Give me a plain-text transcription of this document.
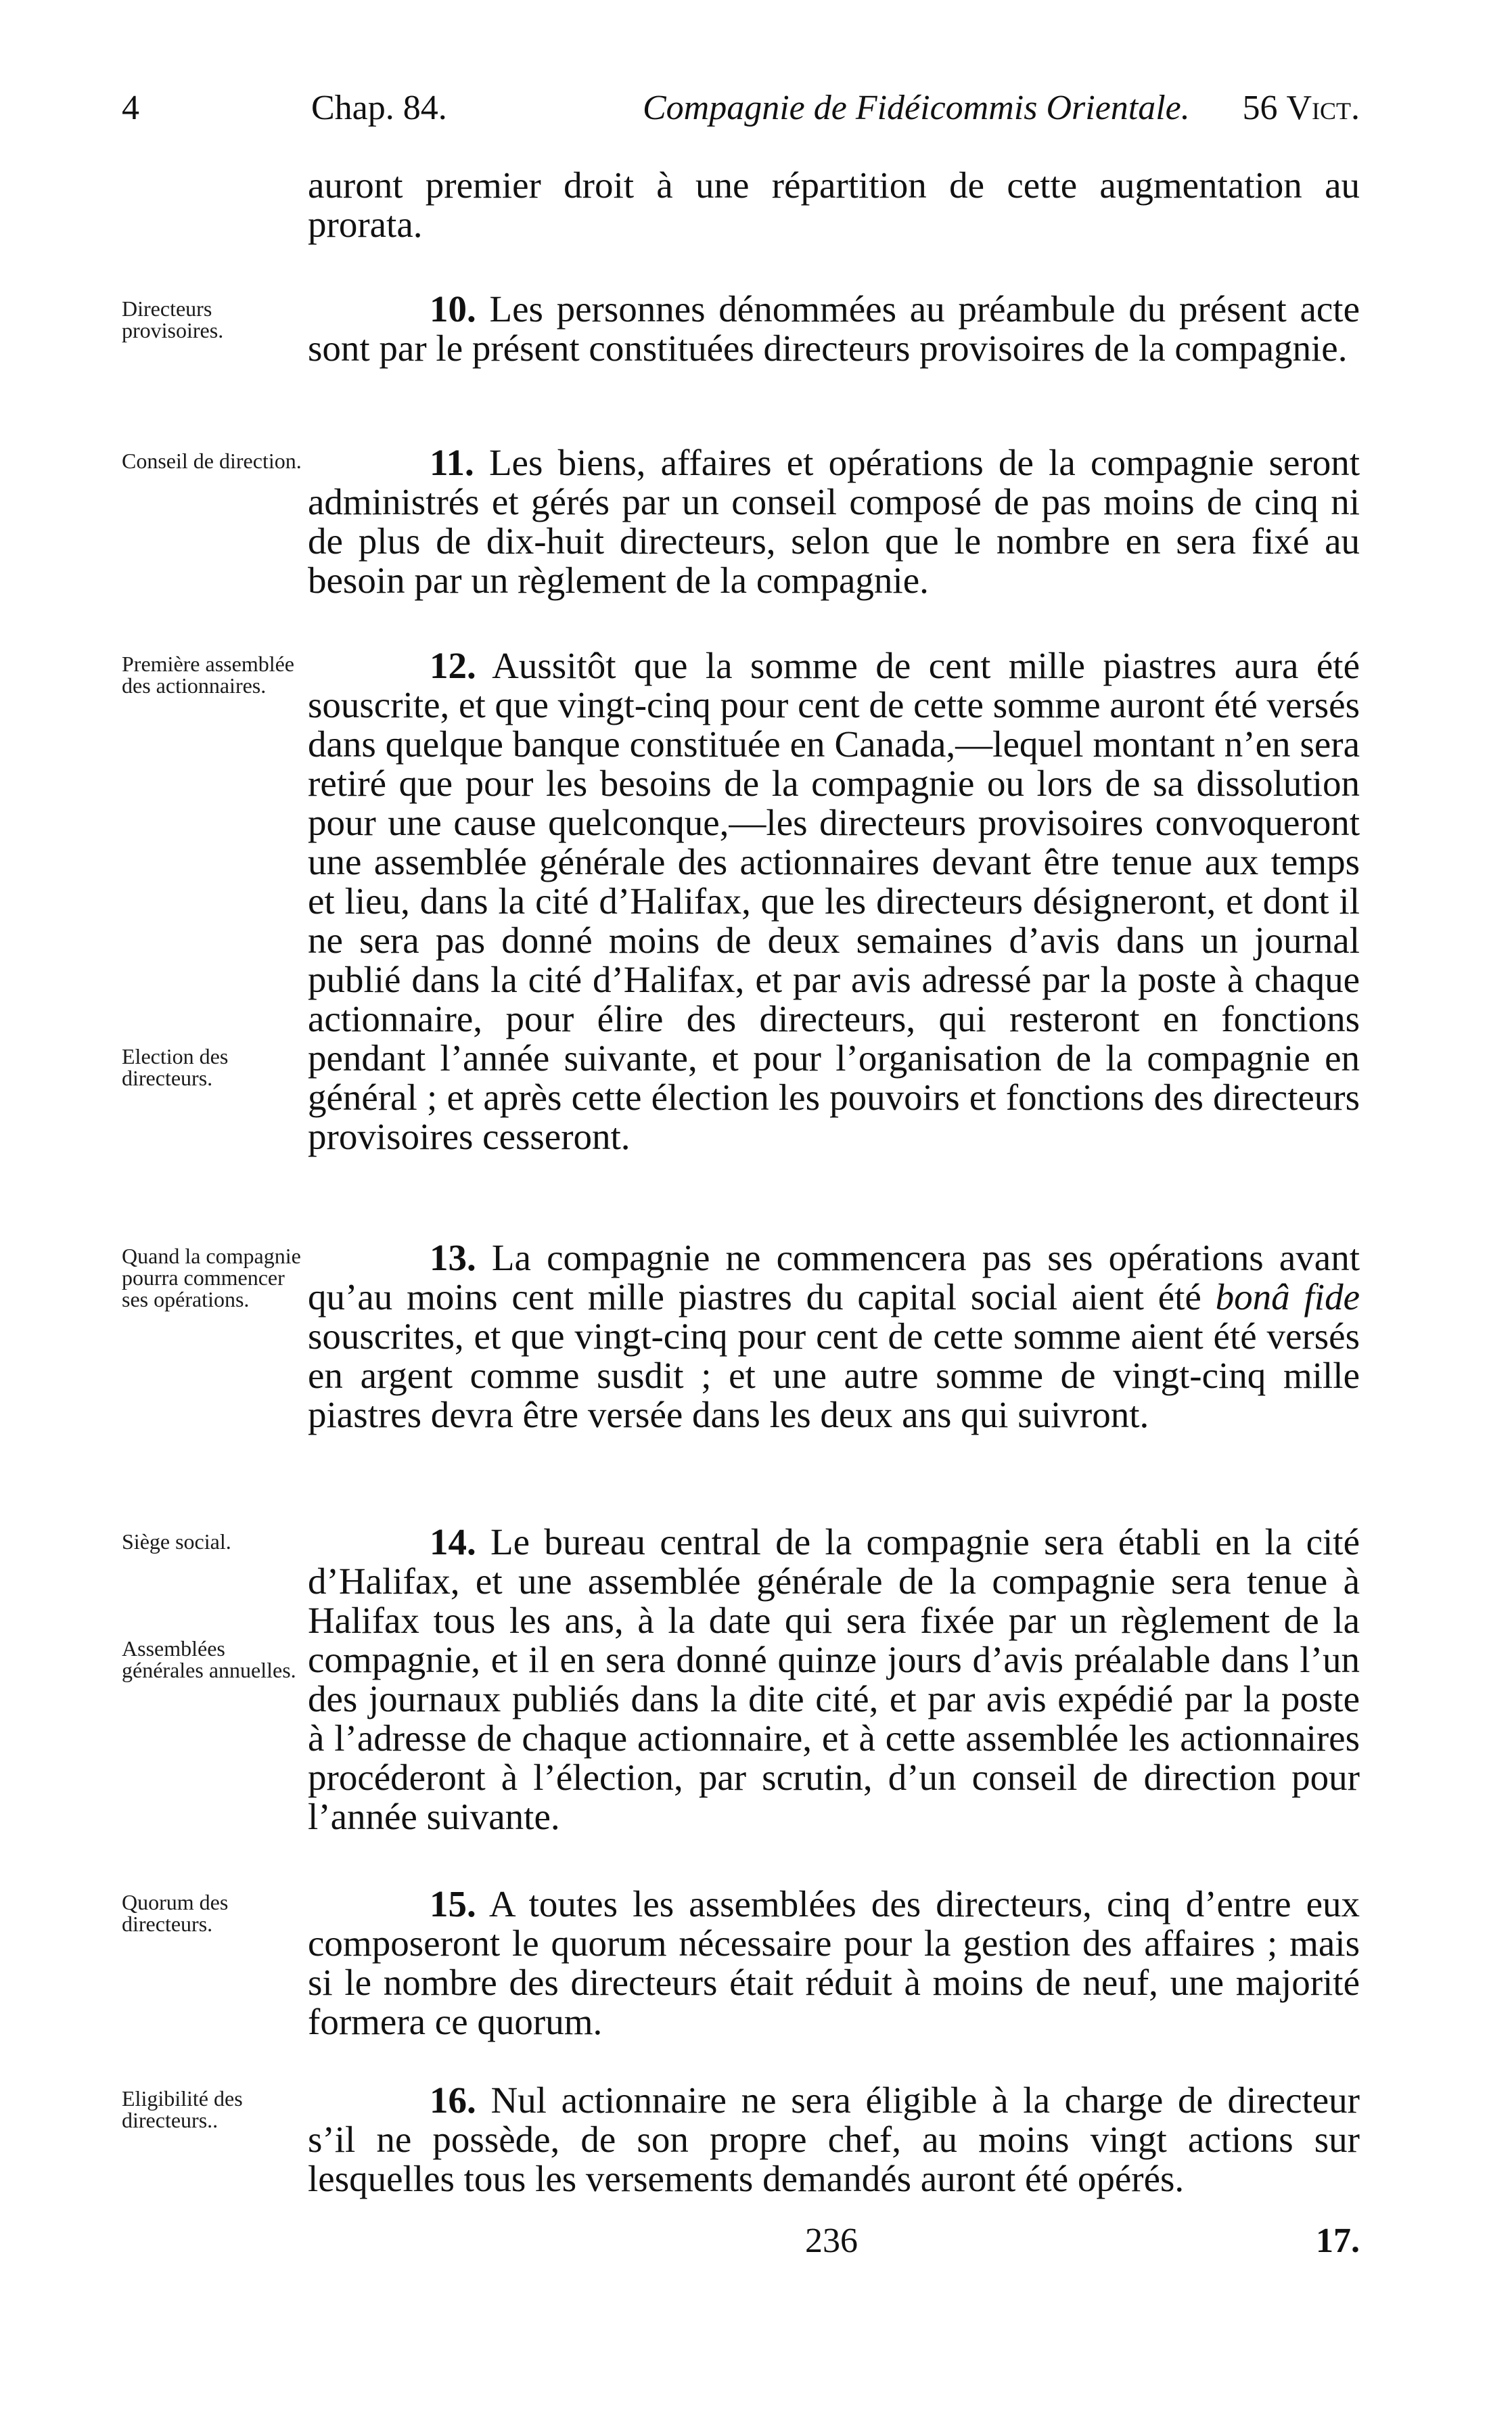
4	Chap. 84.	Compagnie de Fidéicommis Orientale. 56 Vict.
Directeurs provisoires.
Conseil de direction.
Première assemblée des actionnaires.
Election des directeurs.
Quand la compagnie pourra commencer ses opérations.
Siège social.
Assemblées générales annuelles.
Quorum des directeurs.
Eligibilité des directeurs..

auront premier droit à une répartition de cette augmentation au prorata.

10. Les personnes dénommées au préambule du présent acte sont par le présent constituées directeurs provisoires de la compagnie.

11. Les biens, affaires et opérations de la compagnie seront administrés et gérés par un conseil composé de pas moins de cinq ni de plus de dix-huit directeurs, selon que le nombre en sera fixé au besoin par un règlement de la compagnie.

12. Aussitôt que la somme de cent mille piastres aura été souscrite, et que vingt-cinq pour cent de cette somme auront été versés dans quelque banque constituée en Canada,—lequel montant n’en sera retiré que pour les besoins de la compagnie ou lors de sa dissolution pour une cause quelconque,—les directeurs provisoires convoqueront une assemblée générale des actionnaires devant être tenue aux temps et lieu, dans la cité d’Halifax, que les directeurs désigneront, et dont il ne sera pas donné moins de deux semaines d’avis dans un journal publié dans la cité d’Halifax, et par avis adressé par la poste à chaque actionnaire, pour élire des directeurs, qui resteront en fonctions pendant l’année suivante, et pour l’organisation de la compagnie en général ; et après cette élection les pouvoirs et fonctions des directeurs provisoires cesseront.

13. La compagnie ne commencera pas ses opérations avant qu’au moins cent mille piastres du capital social aient été bonâ fide souscrites, et que vingt-cinq pour cent de cette somme aient été versés en argent comme susdit ; et une autre somme de vingt-cinq mille piastres devra être versée dans les deux ans qui suivront.

14. Le bureau central de la compagnie sera établi en la cité d’Halifax, et une assemblée générale de la compagnie sera tenue à Halifax tous les ans, à la date qui sera fixée par un règlement de la compagnie, et il en sera donné quinze jours d’avis préalable dans l’un des journaux publiés dans la dite cité, et par avis expédié par la poste à l’adresse de chaque actionnaire, et à cette assemblée les actionnaires procéderont à l’élection, par scrutin, d’un conseil de direction pour l’année suivante.

15. A toutes les assemblées des directeurs, cinq d’entre eux composeront le quorum nécessaire pour la gestion des affaires ; mais si le nombre des directeurs était réduit à moins de neuf, une majorité formera ce quorum.

16. Nul actionnaire ne sera éligible à la charge de directeur s’il ne possède, de son propre chef, au moins vingt actions sur lesquelles tous les versements demandés auront été opérés.

236	17.
